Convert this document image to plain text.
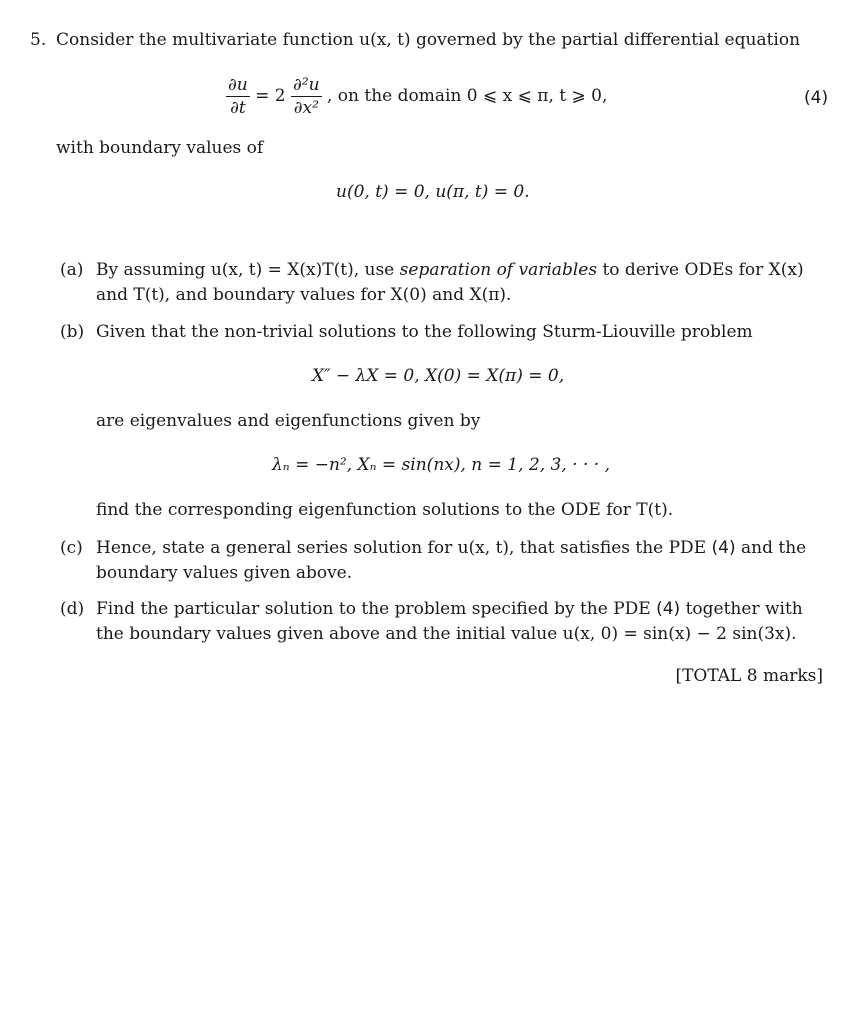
5. Consider the multivariate function u(x, t) governed by the partial differential equation
$\frac{\partial u}{\partial t} = 2 \frac{\text{∂²u}}{\text{∂x²}}$ , on the domain 0 ⩽ x ⩽ π, t ⩾ 0,	(4)
with boundary values of
u(0, t) = 0, u(π, t) = 0.
(a) By assuming u(x, t) = X(x)T(t), use separation of variables to derive ODEs for X(x)
and T(t), and boundary values for X(0) and X(π).
(b) Given that the non-trivial solutions to the following Sturm-Liouville problem
X″ − λX = 0, X(0) = X(π) = 0,
are eigenvalues and eigenfunctions given by
λₙ = −n², Xₙ = sin(nx), n = 1, 2, 3, · · · ,
find the corresponding eigenfunction solutions to the ODE for T(t).
(c) Hence, state a general series solution for u(x, t), that satisfies the PDE (4) and the
boundary values given above.
(d) Find the particular solution to the problem specified by the PDE (4) together with
the boundary values given above and the initial value u(x, 0) = sin(x) − 2 sin(3x).
[TOTAL 8 marks]
